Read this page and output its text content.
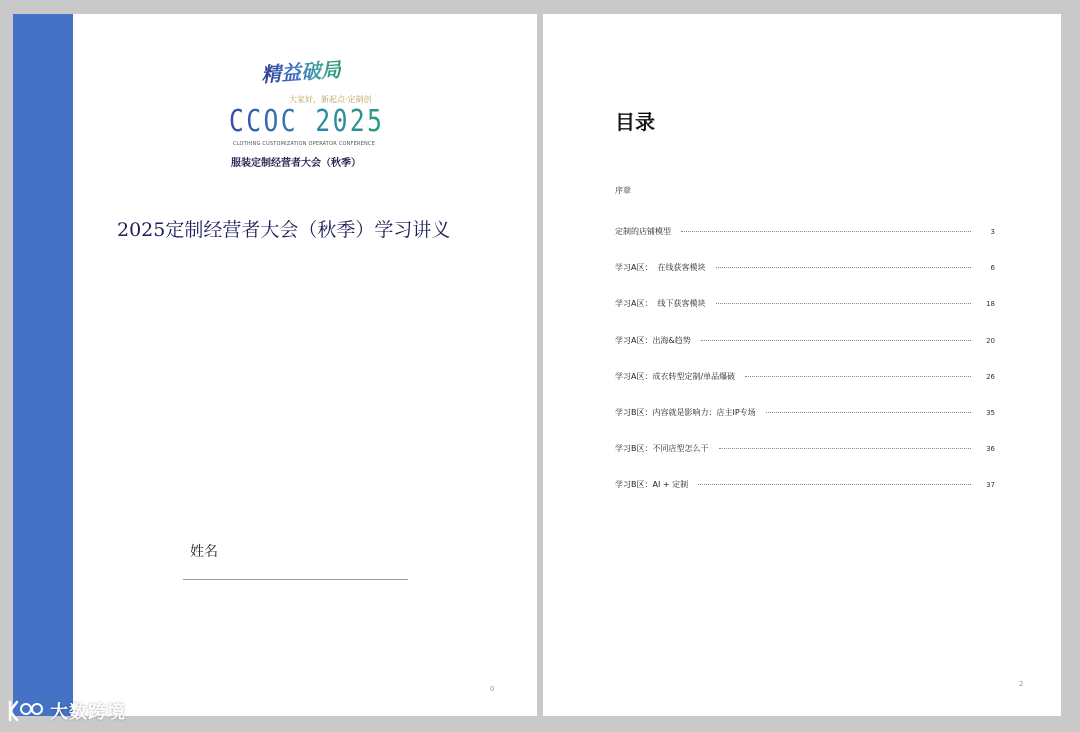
精益破局
大家好，新起点·定制创
CCOC 2025
CLOTHING CUSTOMIZATION OPERATOR CONFERENCE
服装定制经营者大会（秋季）
2025定制经营者大会（秋季）学习讲义
姓名
0
目录
序章
定制的店铺模型	3
学习A区：  在线获客模块	6
学习A区：  线下获客模块	18
学习A区：出海&趋势	20
学习A区：成衣转型定制/单品爆破	26
学习B区：内容就是影响力：店主IP专场	35
学习B区：不同店型怎么干	36
学习B区：AI + 定制	37
2
大数跨境
